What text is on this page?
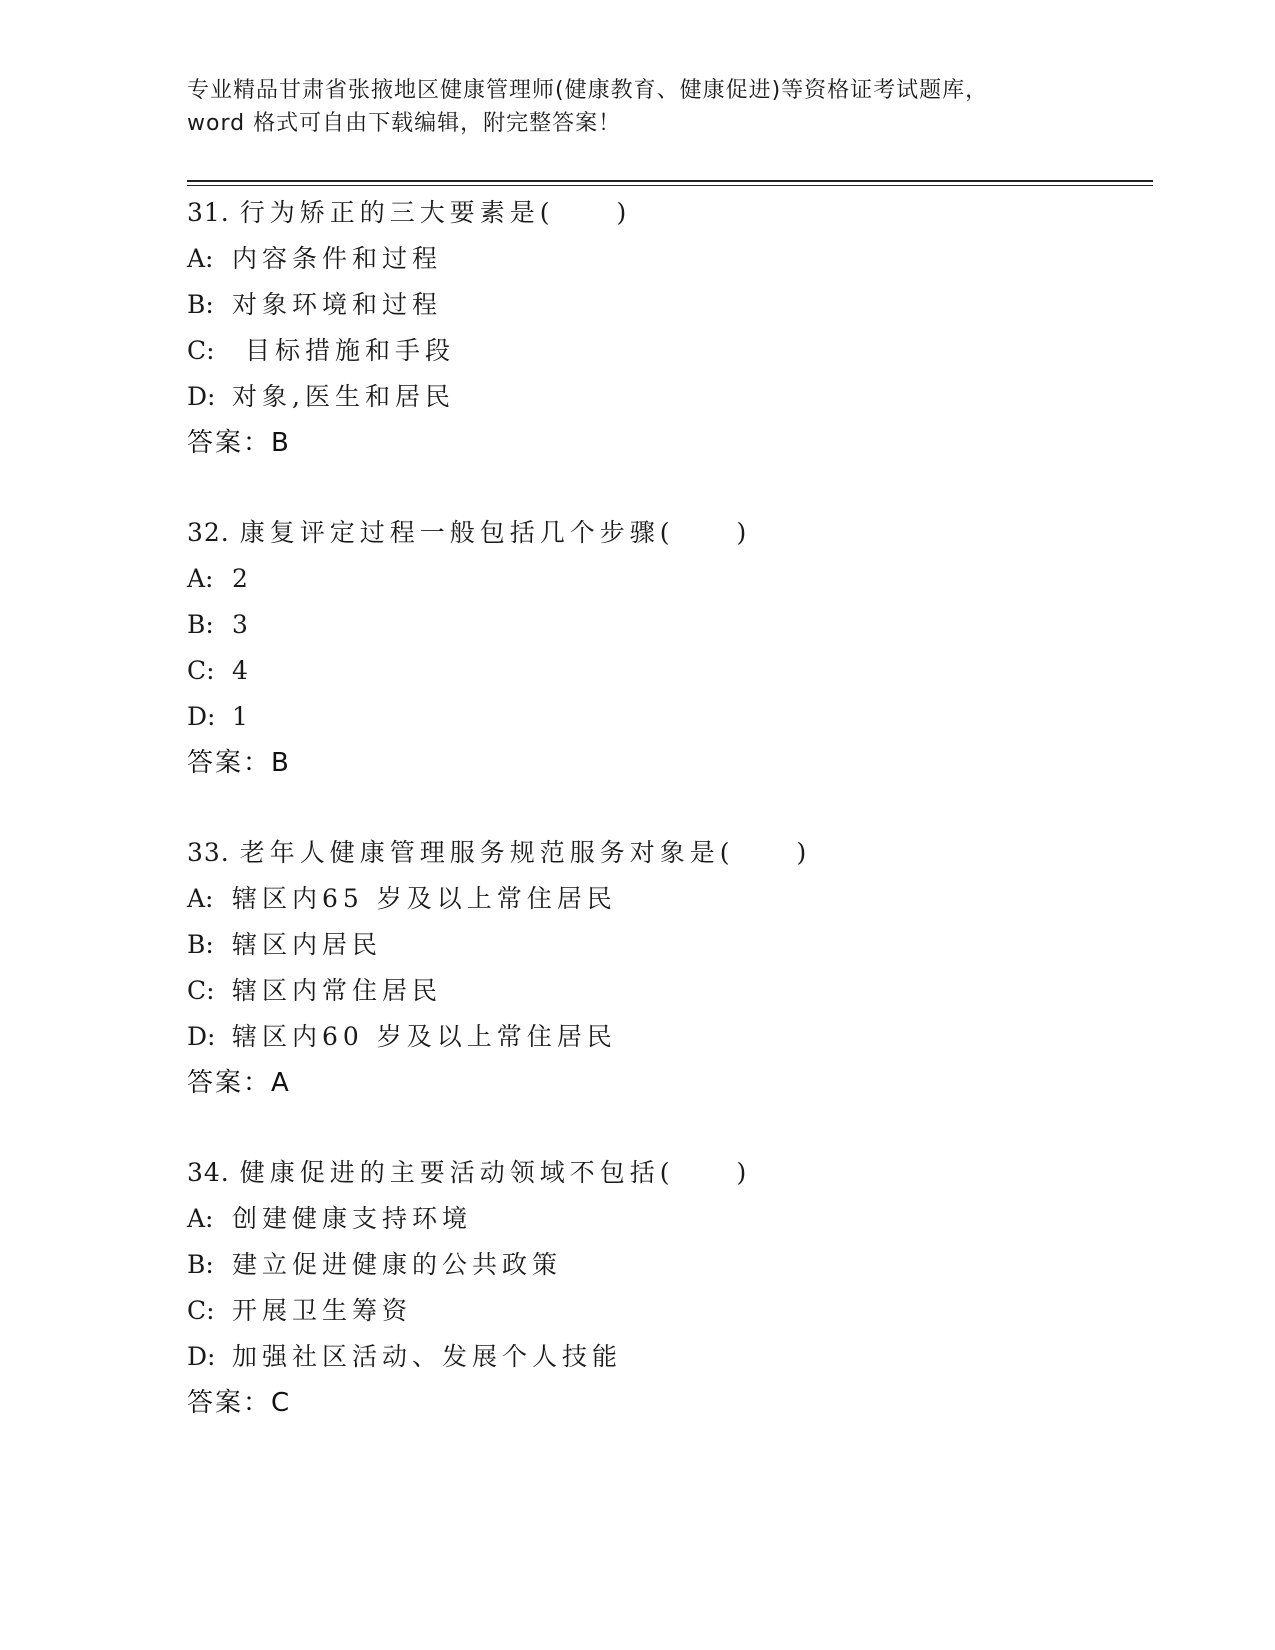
专业精品甘肃省张掖地区健康管理师(健康教育、健康促进)等资格证考试题库，
word 格式可自由下载编辑，附完整答案！
31. 行为矫正的三大要素是( )
A: 内容条件和过程
B: 对象环境和过程
C: 目标措施和手段
D: 对象,医生和居民
答案：B
32. 康复评定过程一般包括几个步骤( )
A: 2
B: 3
C: 4
D: 1
答案：B
33. 老年人健康管理服务规范服务对象是( )
A: 辖区内65 岁及以上常住居民
B: 辖区内居民
C: 辖区内常住居民
D: 辖区内60 岁及以上常住居民
答案：A
34. 健康促进的主要活动领域不包括( )
A: 创建健康支持环境
B: 建立促进健康的公共政策
C: 开展卫生筹资
D: 加强社区活动、发展个人技能
答案：C
